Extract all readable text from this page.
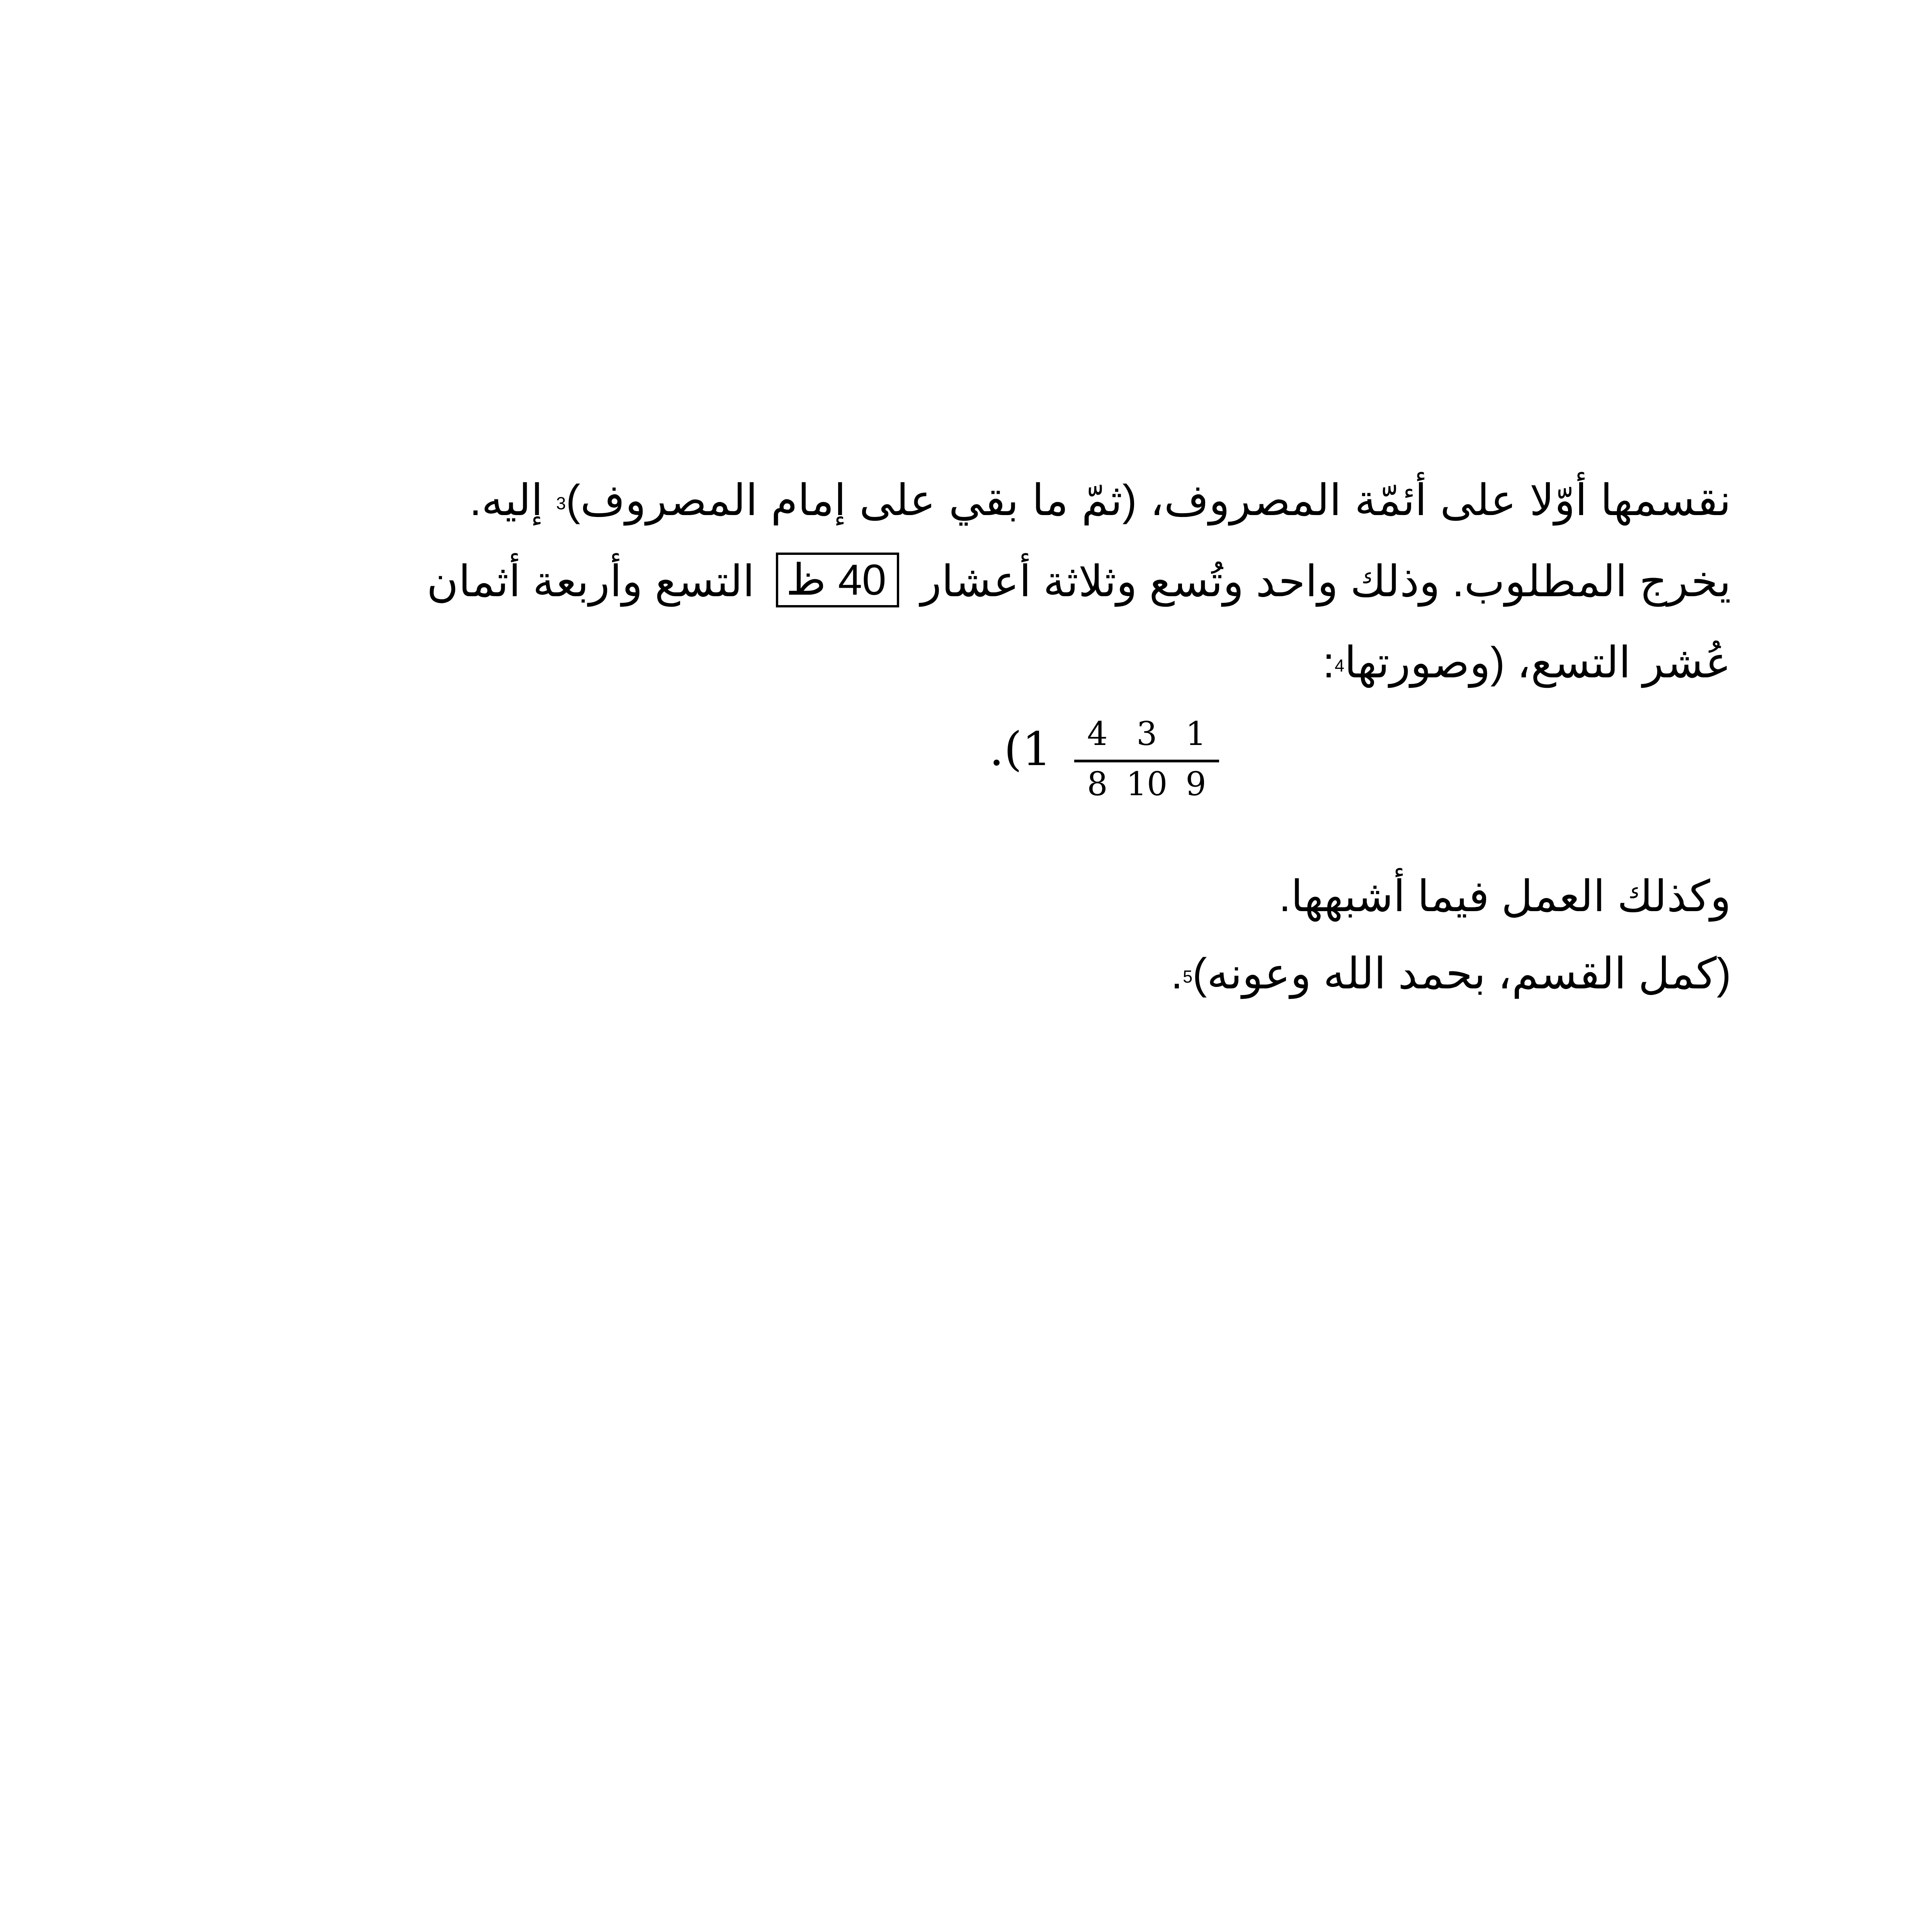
نقسمها أوّلا على أئمّة المصروف، (ثمّ ما بقي على إمام المصروف)$^3$ إليه.
يخرج المطلوب. وذلك واحد وتُسع وثلاثة أعشار 40 ظ التسع وأربعة أثمان
عُشر التسع، (وصورتها$^4$:
.(1	4 3 1
8 10 9
وكذلك العمل فيما أشبهها.
(كمل القسم، بحمد الله وعونه)$^5$.
